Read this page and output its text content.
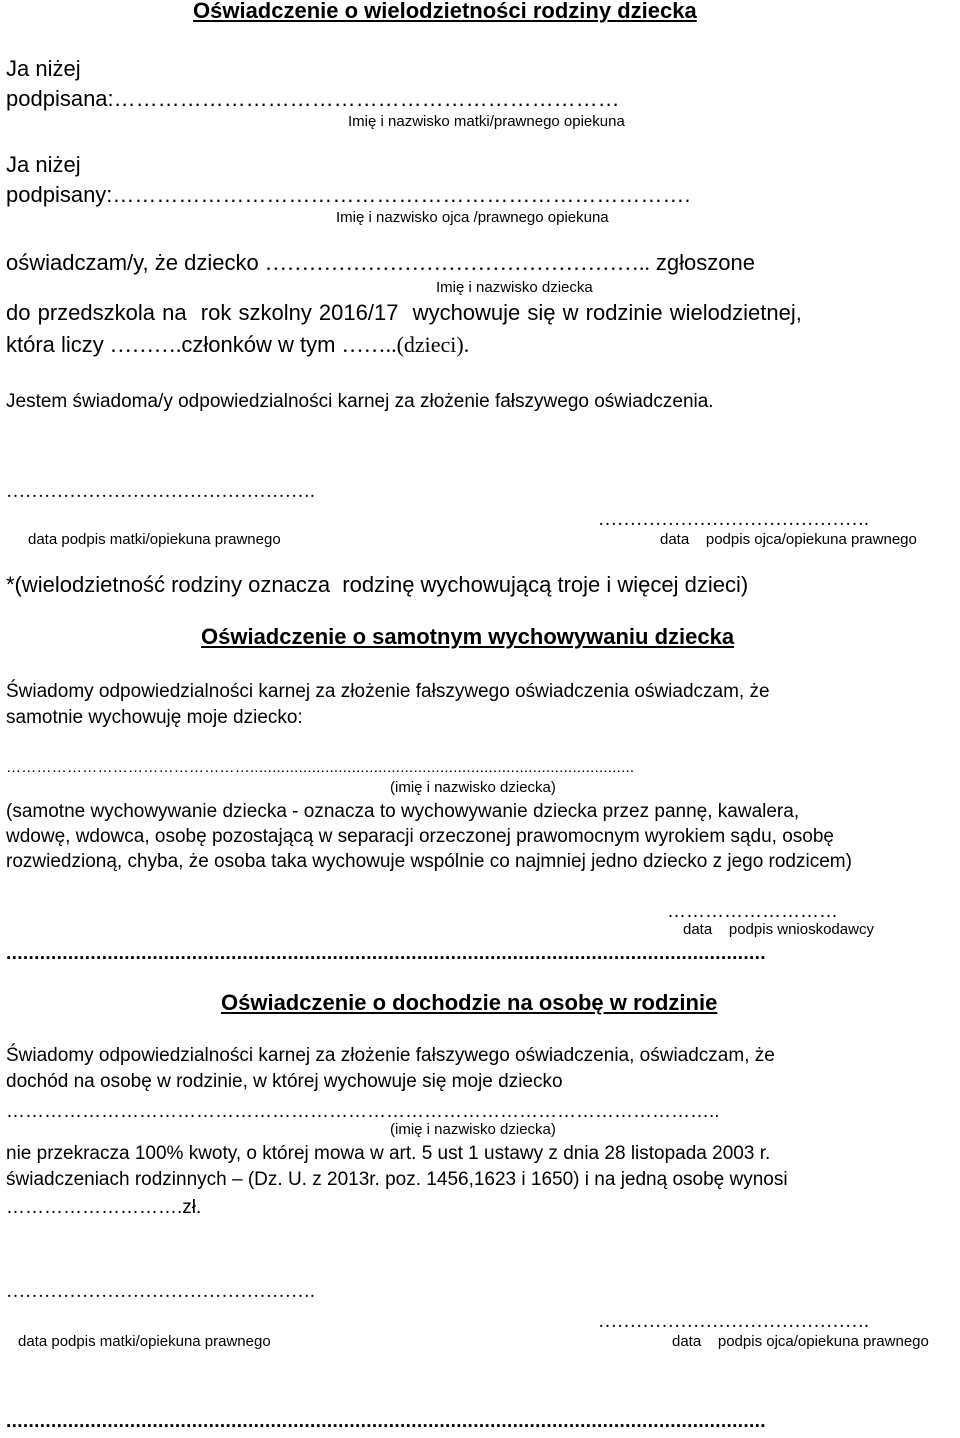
Oświadczenie o wielodzietności rodziny dziecka
Ja niżej
podpisana:……………………………………………………………
Imię i nazwisko matki/prawnego opiekuna
Ja niżej
podpisany:…………………………………………………………………….
Imię i nazwisko ojca /prawnego opiekuna
oświadczam/y, że dziecko …………………………………………….. zgłoszone
Imię i nazwisko dziecka
do przedszkola na  rok szkolny 2016/17  wychowuje się w rodzinie wielodzietnej,
która liczy ……….członków w tym ……..(dzieci).
Jestem świadoma/y odpowiedzialności karnej za złożenie fałszywego oświadczenia.
………………………………………….
…………………………………….
data podpis matki/opiekuna prawnego	data    podpis ojca/opiekuna prawnego
*(wielodzietność rodziny oznacza  rodzinę wychowującą troje i więcej dzieci)
Oświadczenie o samotnym wychowywaniu dziecka
Świadomy odpowiedzialności karnej za złożenie fałszywego oświadczenia oświadczam, że
samotnie wychowuję moje dziecko:
………………………………………….......................................................................................
(imię i nazwisko dziecka)
(samotne wychowywanie dziecka - oznacza to wychowywanie dziecka przez pannę, kawalera,
wdowę, wdowca, osobę pozostającą w separacji orzeczonej prawomocnym wyrokiem sądu, osobę
rozwiedzioną, chyba, że osoba taka wychowuje wspólnie co najmniej jedno dziecko z jego rodzicem)
………………………
data    podpis wnioskodawcy
.......................................................................................................................................
Oświadczenie o dochodzie na osobę w rodzinie
Świadomy odpowiedzialności karnej za złożenie fałszywego oświadczenia, oświadczam, że
dochód na osobę w rodzinie, w której wychowuje się moje dziecko
…………………………………………………………………………………………………..
(imię i nazwisko dziecka)
nie przekracza 100% kwoty, o której mowa w art. 5 ust 1 ustawy z dnia 28 listopada 2003 r.
świadczeniach rodzinnych – (Dz. U. z 2013r. poz. 1456,1623 i 1650) i na jedną osobę wynosi
……………………….zł.
………………………………………….
…………………………………….
data podpis matki/opiekuna prawnego	data    podpis ojca/opiekuna prawnego
.......................................................................................................................................
